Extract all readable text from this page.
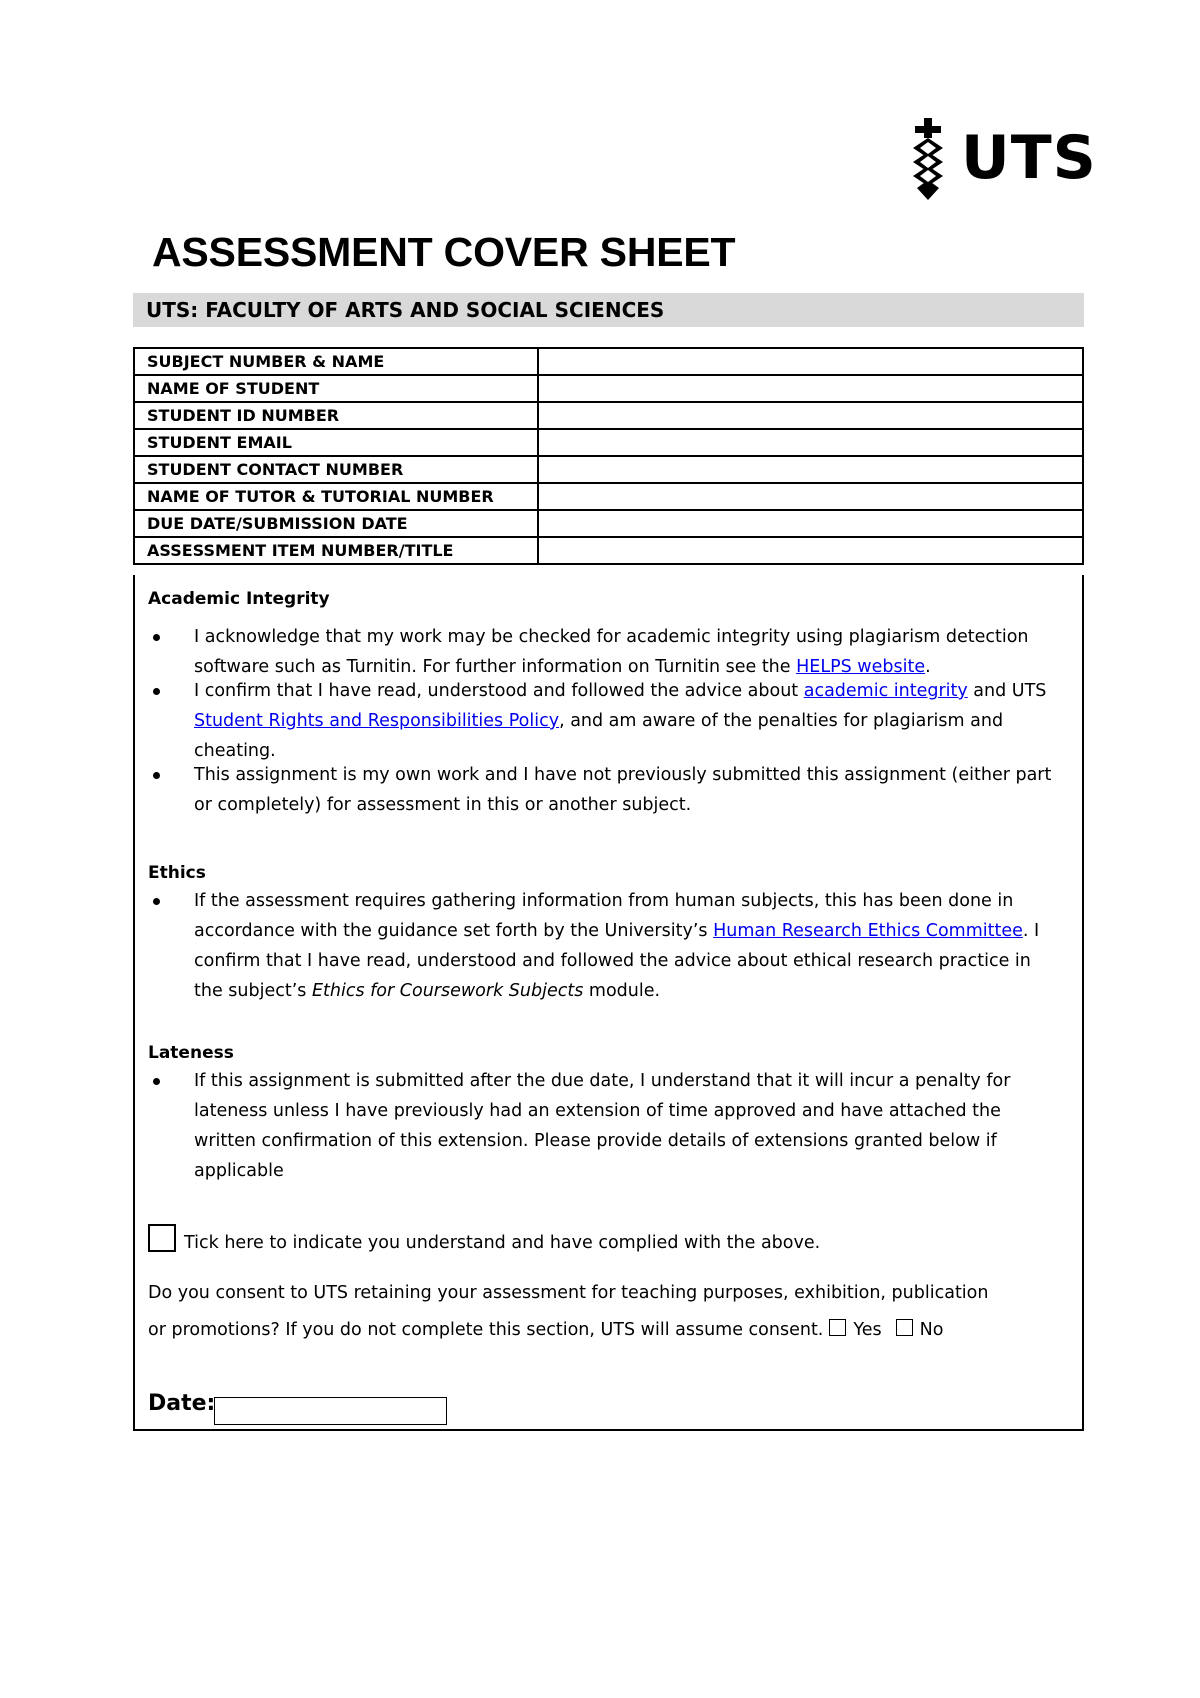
UTS
ASSESSMENT COVER SHEET
UTS: FACULTY OF ARTS AND SOCIAL SCIENCES
SUBJECT NUMBER & NAME	
NAME OF STUDENT	
STUDENT ID NUMBER	
STUDENT EMAIL	
STUDENT CONTACT NUMBER	
NAME OF TUTOR & TUTORIAL NUMBER	
DUE DATE/SUBMISSION DATE	
ASSESSMENT ITEM NUMBER/TITLE	
Academic Integrity
I acknowledge that my work may be checked for academic integrity using plagiarism detection software such as Turnitin. For further information on Turnitin see the HELPS website.
I confirm that I have read, understood and followed the advice about academic integrity and UTS Student Rights and Responsibilities Policy, and am aware of the penalties for plagiarism and cheating.
This assignment is my own work and I have not previously submitted this assignment (either part or completely) for assessment in this or another subject.
Ethics
If the assessment requires gathering information from human subjects, this has been done in accordance with the guidance set forth by the University’s Human Research Ethics Committee. I confirm that I have read, understood and followed the advice about ethical research practice in the subject’s Ethics for Coursework Subjects module.
Lateness
If this assignment is submitted after the due date, I understand that it will incur a penalty for lateness unless I have previously had an extension of time approved and have attached the written confirmation of this extension. Please provide details of extensions granted below if applicable
Tick here to indicate you understand and have complied with the above.
Do you consent to UTS retaining your assessment for teaching purposes, exhibition, publication
or promotions? If you do not complete this section, UTS will assume consent. Yes No
Date:
